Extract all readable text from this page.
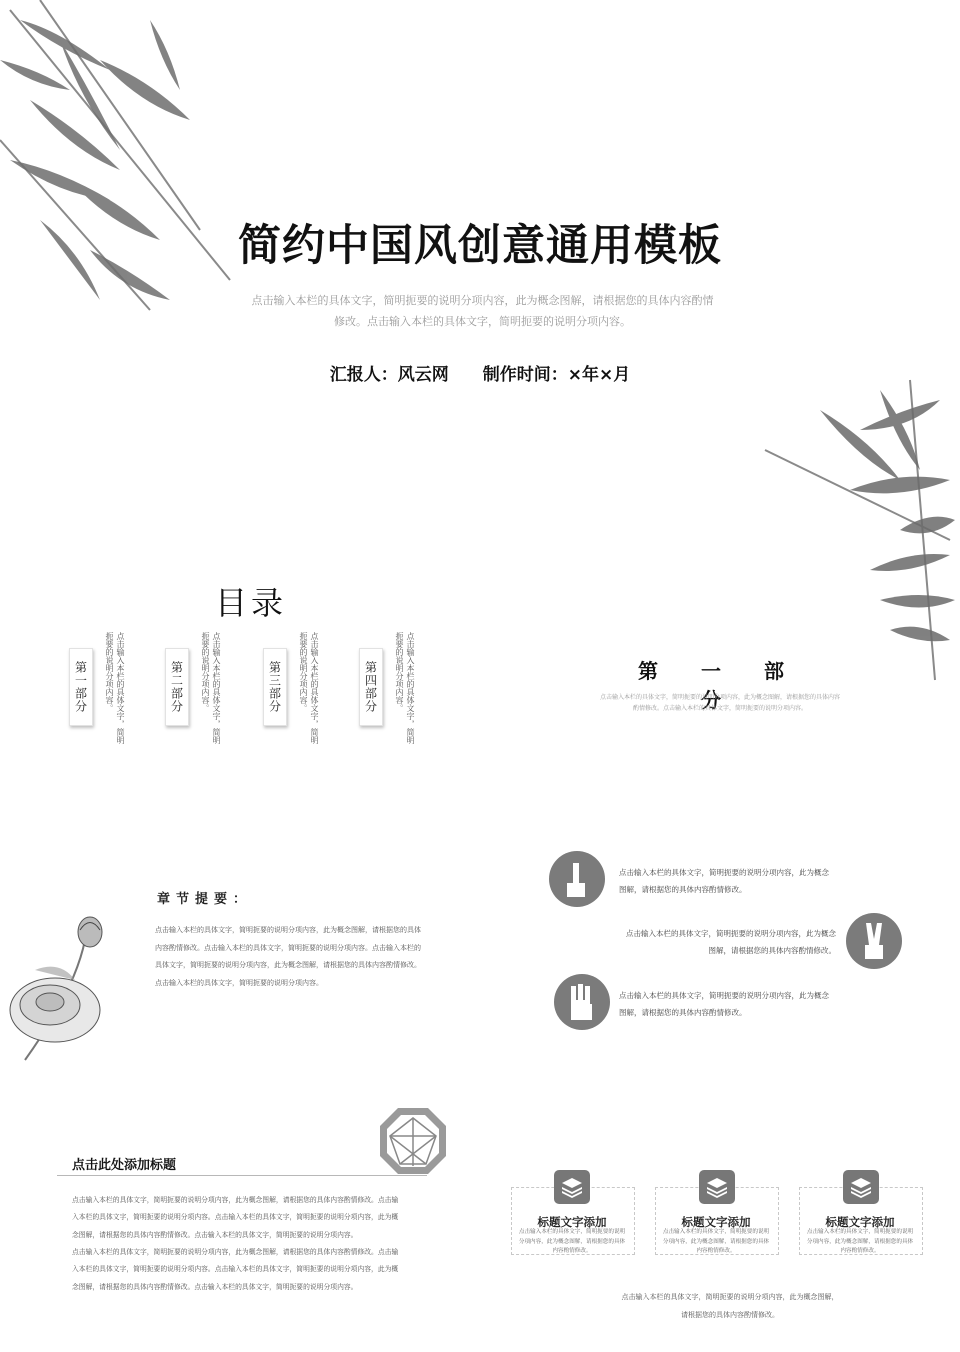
简约中国风创意通用模板
点击输入本栏的具体文字，简明扼要的说明分项内容，此为概念图解，请根据您的具体内容酌情修改。点击输入本栏的具体文字，简明扼要的说明分项内容。
汇报人：风云网 制作时间：×年×月
目录
第一部分	点击输入本栏的具体文字，简明扼要的说明分项内容。	第二部分	点击输入本栏的具体文字，简明扼要的说明分项内容。	第三部分	点击输入本栏的具体文字，简明扼要的说明分项内容。	第四部分	点击输入本栏的具体文字，简明扼要的说明分项内容。	第 一 部 分
点击输入本栏的具体文字，简明扼要的说明分项内容，此为概念图解，请根据您的具体内容酌情修改。点击输入本栏的具体文字，简明扼要的说明分项内容。
章节提要：
点击输入本栏的具体文字，简明扼要的说明分项内容，此为概念图解，请根据您的具体内容酌情修改。点击输入本栏的具体文字，简明扼要的说明分项内容。点击输入本栏的具体文字，简明扼要的说明分项内容，此为概念图解，请根据您的具体内容酌情修改。点击输入本栏的具体文字，简明扼要的说明分项内容。
点击输入本栏的具体文字，简明扼要的说明分项内容，此为概念
图解，请根据您的具体内容酌情修改。
点击输入本栏的具体文字，简明扼要的说明分项内容，此为概念
图解，请根据您的具体内容酌情修改。
点击输入本栏的具体文字，简明扼要的说明分项内容，此为概念
图解，请根据您的具体内容酌情修改。
点击此处添加标题
点击输入本栏的具体文字，简明扼要的说明分项内容，此为概念图解，请根据您的具体内容酌情修改。点击输入本栏的具体文字，简明扼要的说明分项内容。点击输入本栏的具体文字，简明扼要的说明分项内容，此为概念图解，请根据您的具体内容酌情修改。点击输入本栏的具体文字，简明扼要的说明分项内容。
点击输入本栏的具体文字，简明扼要的说明分项内容，此为概念图解，请根据您的具体内容酌情修改。点击输入本栏的具体文字，简明扼要的说明分项内容。点击输入本栏的具体文字，简明扼要的说明分项内容，此为概念图解，请根据您的具体内容酌情修改。点击输入本栏的具体文字，简明扼要的说明分项内容。
标题文字添加
点击输入本栏的具体文字，简明扼要的说明分项内容，此为概念图解，请根据您的具体内容酌情修改。
标题文字添加
点击输入本栏的具体文字，简明扼要的说明分项内容，此为概念图解，请根据您的具体内容酌情修改。
标题文字添加
点击输入本栏的具体文字，简明扼要的说明分项内容，此为概念图解，请根据您的具体内容酌情修改。
点击输入本栏的具体文字，简明扼要的说明分项内容，此为概念图解，请根据您的具体内容酌情修改。
